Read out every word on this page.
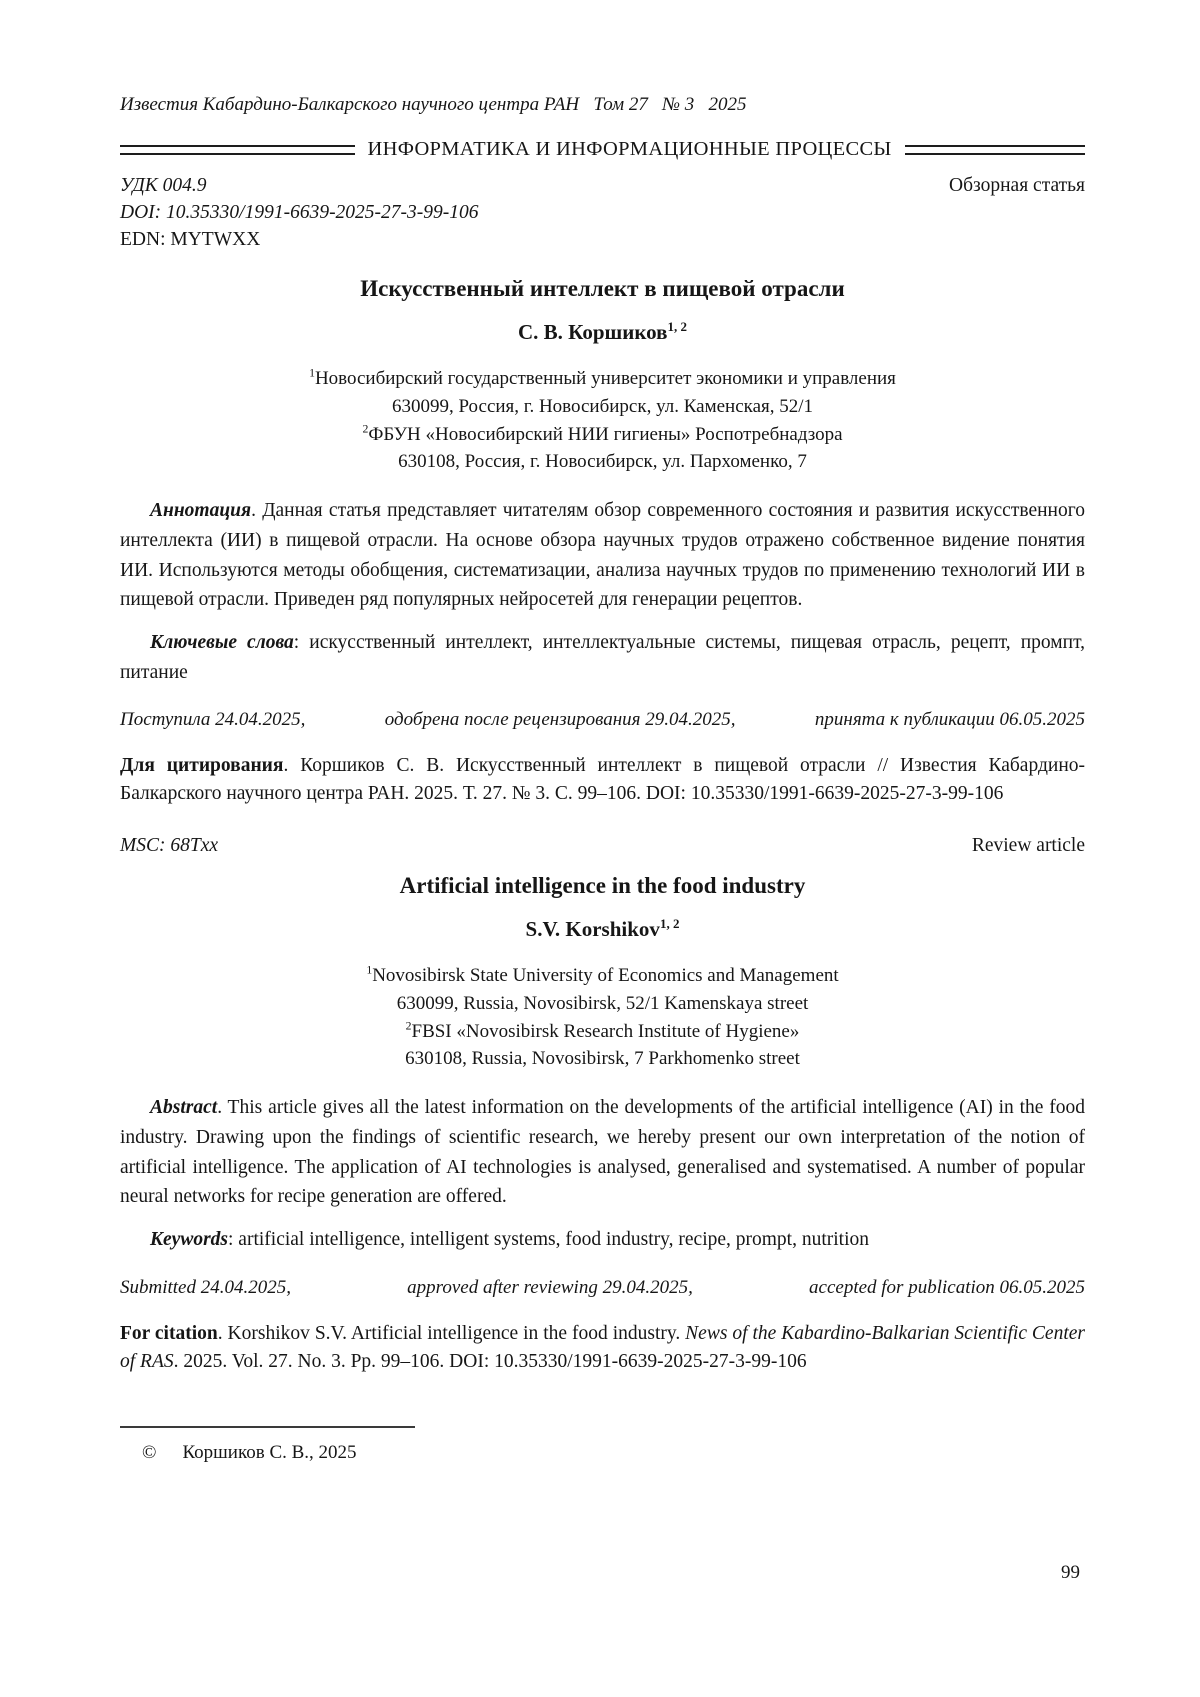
Известия Кабардино-Балкарского научного центра РАН   Том 27   № 3   2025
ИНФОРМАТИКА И ИНФОРМАЦИОННЫЕ ПРОЦЕССЫ
УДК 004.9	Обзорная статья
DOI: 10.35330/1991-6639-2025-27-3-99-106
EDN: MYTWXX
Искусственный интеллект в пищевой отрасли
С. В. Коршиков$^{1, 2}$
$^1$Новосибирский государственный университет экономики и управления
630099, Россия, г. Новосибирск, ул. Каменская, 52/1
$^2$ФБУН «Новосибирский НИИ гигиены» Роспотребнадзора
630108, Россия, г. Новосибирск, ул. Пархоменко, 7

Аннотация. Данная статья представляет читателям обзор современного состояния и развития искусственного интеллекта (ИИ) в пищевой отрасли. На основе обзора научных трудов отражено собственное видение понятия ИИ. Используются методы обобщения, систематизации, анализа научных трудов по применению технологий ИИ в пищевой отрасли. Приведен ряд популярных нейросетей для генерации рецептов.

Ключевые слова: искусственный интеллект, интеллектуальные системы, пищевая отрасль, рецепт, промпт, питание

Поступила 24.04.2025,	одобрена после рецензирования 29.04.2025,	принята к публикации 06.05.2025

Для цитирования. Коршиков С. В. Искусственный интеллект в пищевой отрасли // Известия Кабардино-Балкарского научного центра РАН. 2025. Т. 27. № 3. С. 99–106. DOI: 10.35330/1991-6639-2025-27-3-99-106

MSC: 68Txx	Review article
Artificial intelligence in the food industry
S.V. Korshikov$^{1, 2}$
$^1$Novosibirsk State University of Economics and Management
630099, Russia, Novosibirsk, 52/1 Kamenskaya street
$^2$FBSI «Novosibirsk Research Institute of Hygiene»
630108, Russia, Novosibirsk, 7 Parkhomenko street

Abstract. This article gives all the latest information on the developments of the artificial intelligence (AI) in the food industry. Drawing upon the findings of scientific research, we hereby present our own interpretation of the notion of artificial intelligence. The application of AI technologies is analysed, generalised and systematised. A number of popular neural networks for recipe generation are offered.

Keywords: artificial intelligence, intelligent systems, food industry, recipe, prompt, nutrition

Submitted 24.04.2025,	approved after reviewing 29.04.2025,	accepted for publication 06.05.2025

For citation. Korshikov S.V. Artificial intelligence in the food industry. News of the Kabardino-Balkarian Scientific Center of RAS. 2025. Vol. 27. No. 3. Pp. 99–106. DOI: 10.35330/1991-6639-2025-27-3-99-106

© Коршиков С. В., 2025
99
